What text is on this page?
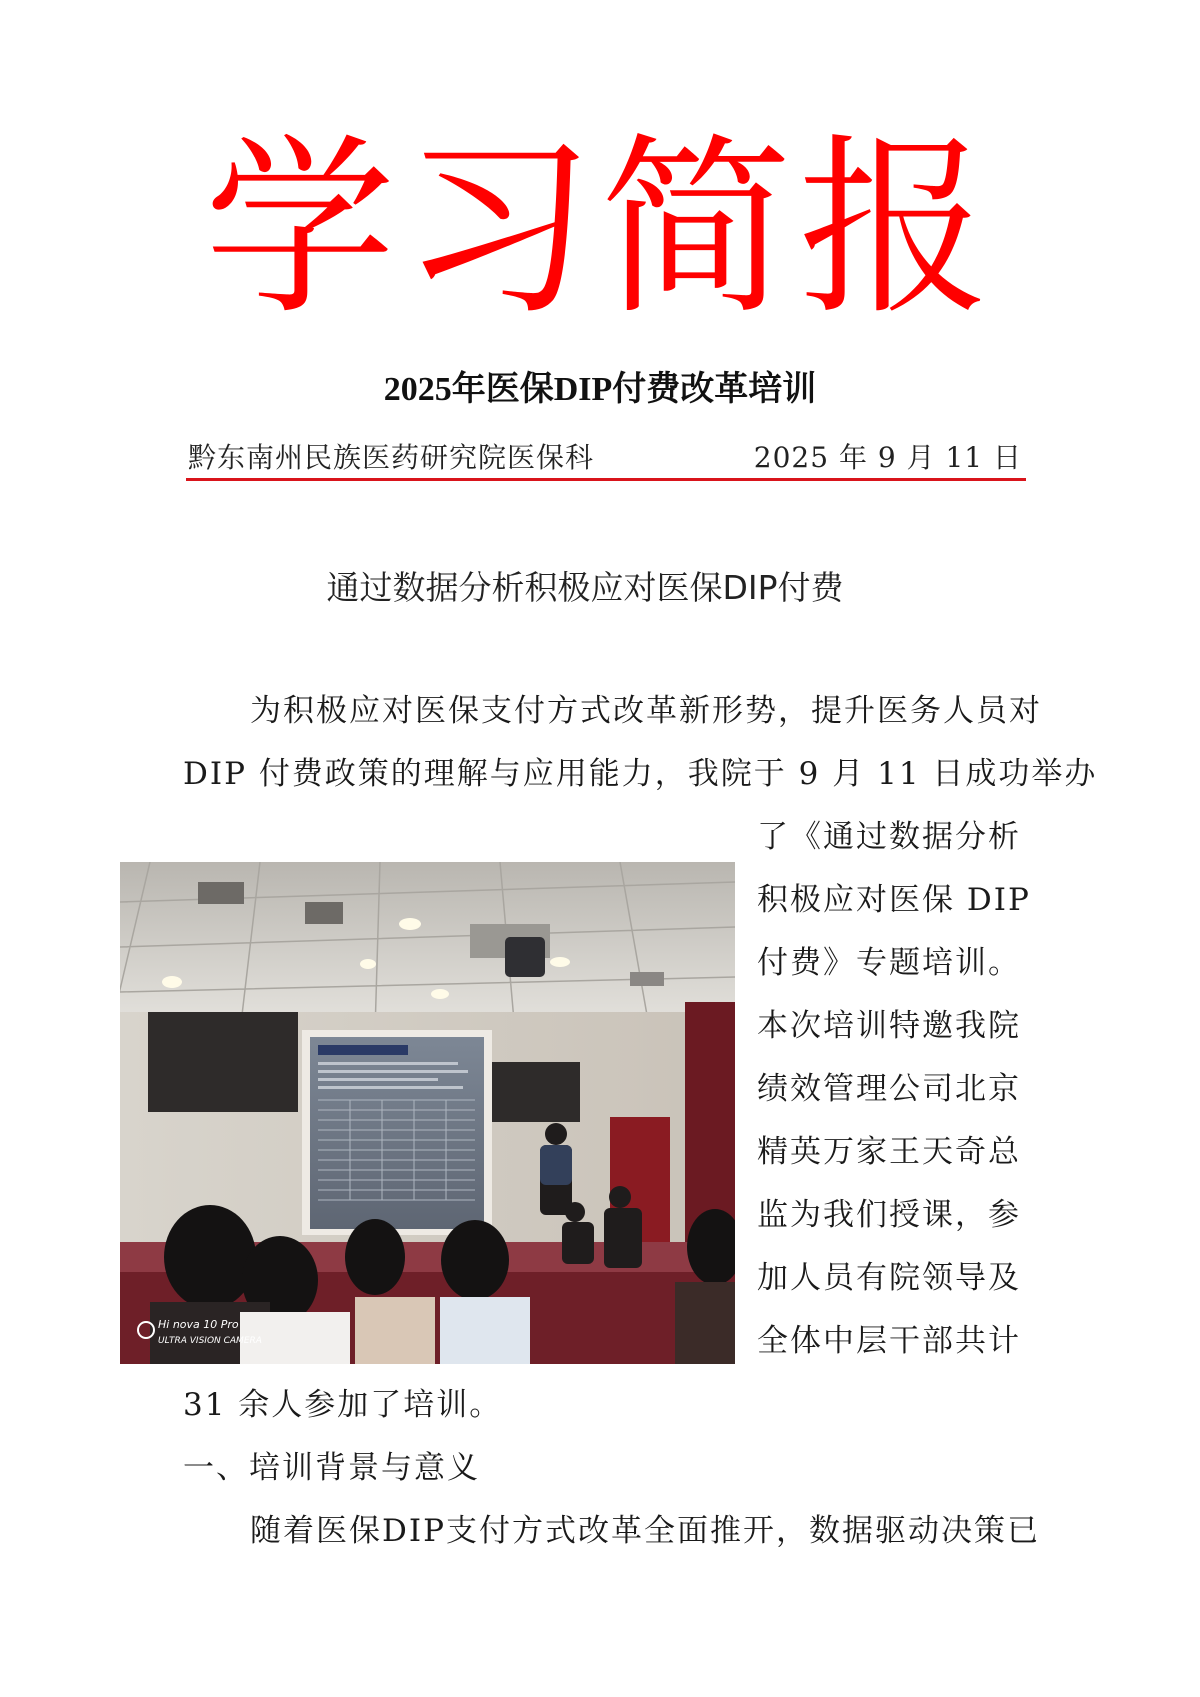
学习简报
2025年医保DIP付费改革培训
黔东南州民族医药研究院医保科	2025 年 9 月 11 日
通过数据分析积极应对医保DIP付费
为积极应对医保支付方式改革新形势，提升医务人员对
DIP 付费政策的理解与应用能力，我院于 9 月 11 日成功举办
了《通过数据分析
积极应对医保 DIP
付费》专题培训。
本次培训特邀我院
绩效管理公司北京
精英万家王天奇总
监为我们授课，参
加人员有院领导及
全体中层干部共计
31 余人参加了培训。
一、培训背景与意义
随着医保DIP支付方式改革全面推开，数据驱动决策已
Hi nova 10 Pro
ULTRA VISION CAMERA
